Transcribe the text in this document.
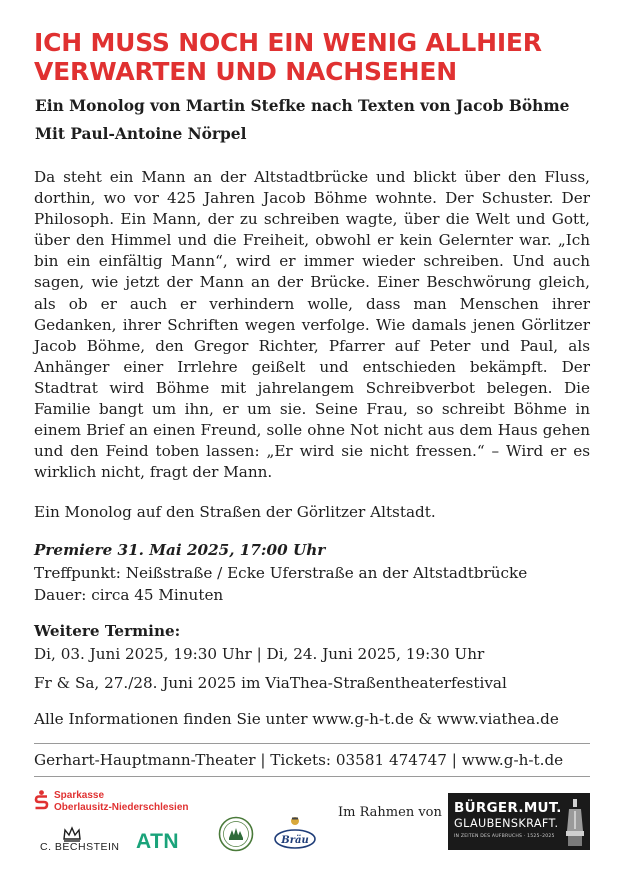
ICH MUSS NOCH EIN WENIG ALLHIER
VERWARTEN UND NACHSEHEN

Ein Monolog von Martin Stefke nach Texten von Jacob Böhme

Mit Paul-Antoine Nörpel

Da steht ein Mann an der Altstadtbrücke und blickt über den Fluss, dorthin, wo vor 425 Jahren Jacob Böhme wohnte. Der Schuster. Der Philosoph. Ein Mann, der zu schreiben wagte, über die Welt und Gott, über den Himmel und die Freiheit, obwohl er kein Gelernter war. „Ich bin ein einfältig Mann“, wird er immer wieder schreiben. Und auch sagen, wie jetzt der Mann an der Brücke. Einer Beschwörung gleich, als ob er auch er verhindern wolle, dass man Menschen ihrer Gedanken, ihrer Schriften wegen verfolge. Wie damals jenen Görlitzer Jacob Böhme, den Gregor Richter, Pfarrer auf Peter und Paul, als Anhänger einer Irrlehre geißelt und entschieden bekämpft. Der Stadtrat wird Böhme mit jahrelangem Schreibverbot belegen. Die Familie bangt um ihn, er um sie. Seine Frau, so schreibt Böhme in einem Brief an einen Freund, solle ohne Not nicht aus dem Haus gehen und den Feind toben lassen: „Er wird sie nicht fressen.“ – Wird er es wirklich nicht, fragt der Mann.

Ein Monolog auf den Straßen der Görlitzer Altstadt.

Premiere 31. Mai 2025, 17:00 Uhr

Treffpunkt: Neißstraße / Ecke Uferstraße an der Altstadtbrücke

Dauer: circa 45 Minuten

Weitere Termine:

Di, 03. Juni 2025, 19:30 Uhr | Di, 24. Juni 2025, 19:30 Uhr

Fr & Sa, 27./28. Juni 2025 im ViaThea-Straßentheaterfestival

Alle Informationen finden Sie unter www.g-h-t.de & www.viathea.de

Gerhart-Hauptmann-Theater | Tickets: 03581 474747 | www.g-h-t.de

Sparkasse
Oberlausitz-Niederschlesien
C. BECHSTEIN ATN	Bräu
Im Rahmen von BÜRGER.MUT.
GLAUBENSKRAFT.
IN ZEITEN DES AUFBRUCHS · 1525–2025
